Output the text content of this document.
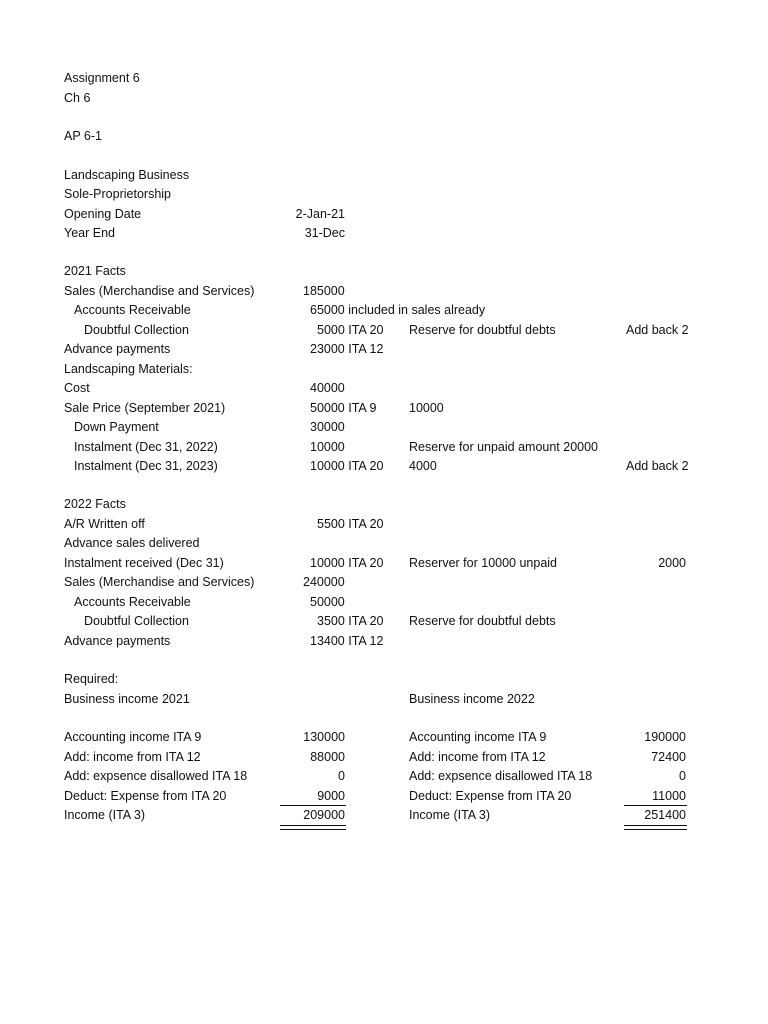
Assignment 6
Ch 6
AP 6-1
Landscaping Business
Sole-Proprietorship
Opening Date	2-Jan-21
Year End	31-Dec
2021 Facts
Sales (Merchandise and Services)	185000
Accounts Receivable	65000 included in sales already
Doubtful Collection	5000 ITA 20 Reserve for doubtful debts	Add back 2
Advance payments	23000 ITA 12
Landscaping Materials:
Cost	40000
Sale Price (September 2021)	50000 ITA 9	10000
Down Payment	30000
Instalment (Dec 31, 2022)	10000	Reserve for unpaid amount 20000
Instalment (Dec 31, 2023)	10000 ITA 20 4000	Add back 2
2022 Facts
A/R Written off	5500 ITA 20
Advance sales delivered
Instalment received (Dec 31)	10000 ITA 20 Reserver for 10000 unpaid	2000
Sales (Merchandise and Services)	240000
Accounts Receivable	50000
Doubtful Collection	3500 ITA 20 Reserve for doubtful debts
Advance payments	13400 ITA 12
Required:
Business income 2021	Business income 2022
Accounting income ITA 9	130000	Accounting income ITA 9	190000
Add: income from ITA 12	88000	Add: income from ITA 12	72400
Add: expsence disallowed ITA 18	0	Add: expsence disallowed ITA 18	0
Deduct: Expense from ITA 20	9000	Deduct: Expense from ITA 20	11000
Income (ITA 3)	209000	Income (ITA 3)	251400
